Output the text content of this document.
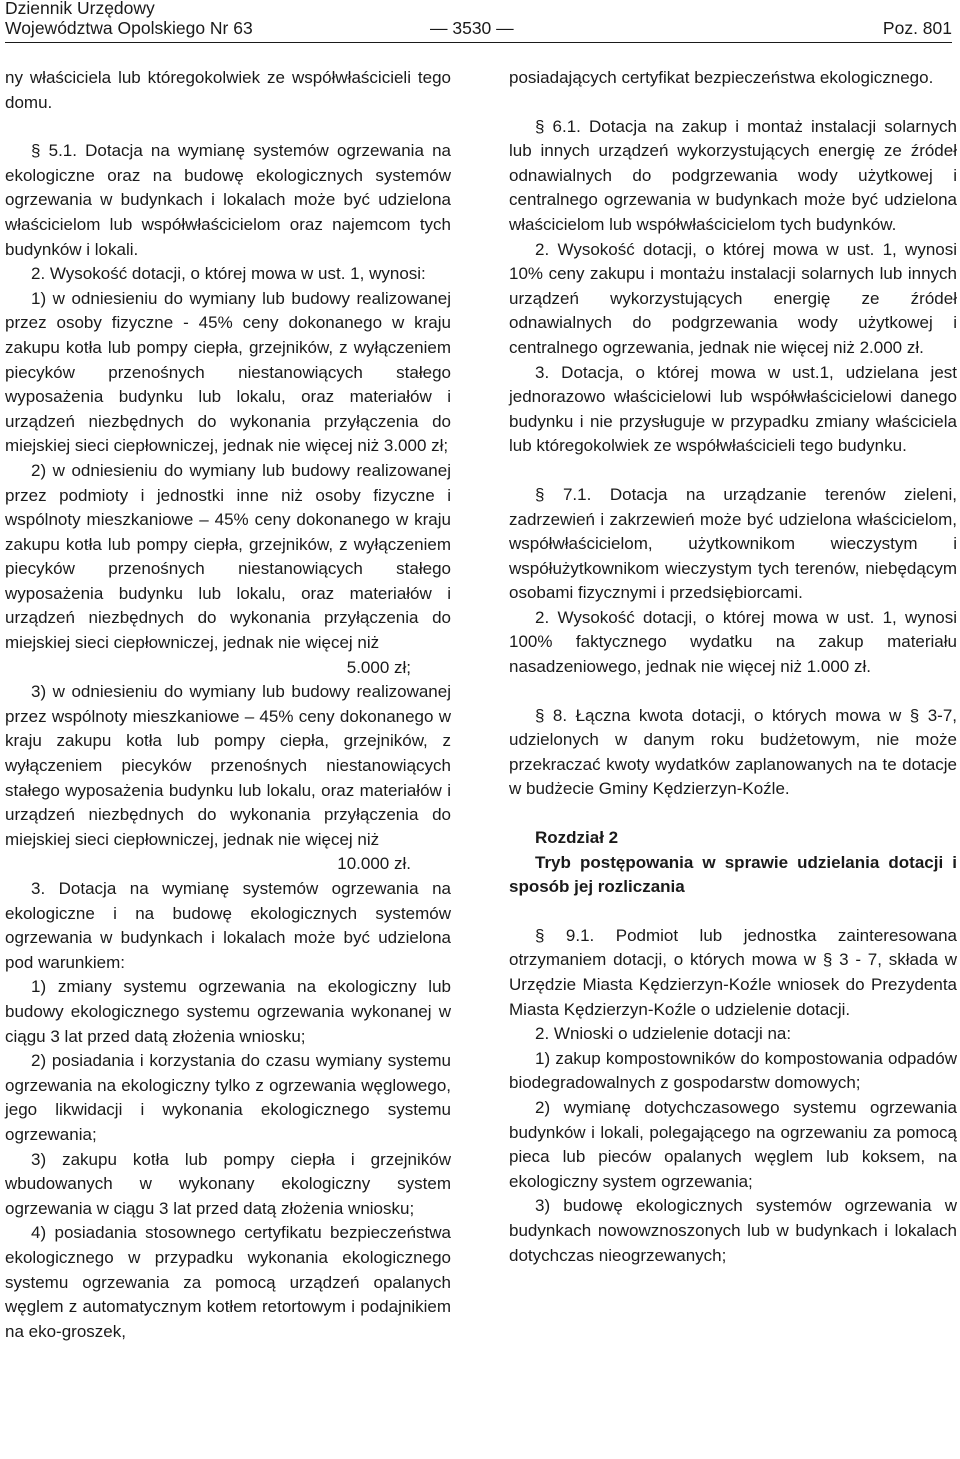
Dziennik Urzędowy
Województwa Opolskiego Nr 63	— 3530 —	Poz. 801

ny właściciela lub któregokolwiek ze współwłaścicieli tego domu.

§ 5.1. Dotacja na wymianę systemów ogrzewania na ekologiczne oraz na budowę ekologicznych systemów ogrzewania w budynkach i lokalach może być udzielona właścicielom lub współwłaścicielom oraz najemcom tych budynków i lokali.

2. Wysokość dotacji, o której mowa w ust. 1, wynosi:

1) w odniesieniu do wymiany lub budowy realizowanej przez osoby fizyczne - 45% ceny dokonanego w kraju zakupu kotła lub pompy ciepła, grzejników, z wyłączeniem piecyków przenośnych niestanowiących stałego wyposażenia budynku lub lokalu, oraz materiałów i urządzeń niezbędnych do wykonania przyłączenia do miejskiej sieci ciepłowniczej, jednak nie więcej niż 3.000 zł;

2) w odniesieniu do wymiany lub budowy realizowanej przez podmioty i jednostki inne niż osoby fizyczne i wspólnoty mieszkaniowe – 45% ceny dokonanego w kraju zakupu kotła lub pompy ciepła, grzejników, z wyłączeniem piecyków przenośnych niestanowiących stałego wyposażenia budynku lub lokalu, oraz materiałów i urządzeń niezbędnych do wykonania przyłączenia do miejskiej sieci ciepłowniczej, jednak nie więcej niż

5.000 zł;

3) w odniesieniu do wymiany lub budowy realizowanej przez wspólnoty mieszkaniowe – 45% ceny dokonanego w kraju zakupu kotła lub pompy ciepła, grzejników, z wyłączeniem piecyków przenośnych niestanowiących stałego wyposażenia budynku lub lokalu, oraz materiałów i urządzeń niezbędnych do wykonania przyłączenia do miejskiej sieci ciepłowniczej, jednak nie więcej niż

10.000 zł.

3. Dotacja na wymianę systemów ogrzewania na ekologiczne i na budowę ekologicznych systemów ogrzewania w budynkach i lokalach może być udzielona pod warunkiem:

1) zmiany systemu ogrzewania na ekologiczny lub budowy ekologicznego systemu ogrzewania wykonanej w ciągu 3 lat przed datą złożenia wniosku;

2) posiadania i korzystania do czasu wymiany systemu ogrzewania na ekologiczny tylko z ogrzewania węglowego, jego likwidacji i wykonania ekologicznego systemu ogrzewania;

3) zakupu kotła lub pompy ciepła i grzejników wbudowanych w wykonany ekologiczny system ogrzewania w ciągu 3 lat przed datą złożenia wniosku;

4) posiadania stosownego certyfikatu bezpieczeństwa ekologicznego w przypadku wykonania ekologicznego systemu ogrzewania za pomocą urządzeń opalanych węglem z automatycznym kotłem retortowym i podajnikiem na eko-groszek,

posiadających certyfikat bezpieczeństwa ekologicznego.

§ 6.1. Dotacja na zakup i montaż instalacji solarnych lub innych urządzeń wykorzystujących energię ze źródeł odnawialnych do podgrzewania wody użytkowej i centralnego ogrzewania w budynkach może być udzielona właścicielom lub współwłaścicielom tych budynków.

2. Wysokość dotacji, o której mowa w ust. 1, wynosi 10% ceny zakupu i montażu instalacji solarnych lub innych urządzeń wykorzystujących energię ze źródeł odnawialnych do podgrzewania wody użytkowej i centralnego ogrzewania, jednak nie więcej niż 2.000 zł.

3. Dotacja, o której mowa w ust.1, udzielana jest jednorazowo właścicielowi lub współwłaścicielowi danego budynku i nie przysługuje w przypadku zmiany właściciela lub któregokolwiek ze współwłaścicieli tego budynku.

§ 7.1. Dotacja na urządzanie terenów zieleni, zadrzewień i zakrzewień może być udzielona właścicielom, współwłaścicielom, użytkownikom wieczystym i współużytkownikom wieczystym tych terenów, niebędącym osobami fizycznymi i przedsiębiorcami.

2. Wysokość dotacji, o której mowa w ust. 1, wynosi 100% faktycznego wydatku na zakup materiału nasadzeniowego, jednak nie więcej niż 1.000 zł.

§ 8. Łączna kwota dotacji, o których mowa w § 3-7, udzielonych w danym roku budżetowym, nie może przekraczać kwoty wydatków zaplanowanych na te dotacje w budżecie Gminy Kędzierzyn-Koźle.

Rozdział 2

Tryb postępowania w sprawie udzielania dotacji i sposób jej rozliczania

§ 9.1. Podmiot lub jednostka zainteresowana otrzymaniem dotacji, o których mowa w § 3 - 7, składa w Urzędzie Miasta Kędzierzyn-Koźle wniosek do Prezydenta Miasta Kędzierzyn-Koźle o udzielenie dotacji.

2. Wnioski o udzielenie dotacji na:

1) zakup kompostowników do kompostowania odpadów biodegradowalnych z gospodarstw domowych;

2) wymianę dotychczasowego systemu ogrzewania budynków i lokali, polegającego na ogrzewaniu za pomocą pieca lub pieców opalanych węglem lub koksem, na ekologiczny system ogrzewania;

3) budowę ekologicznych systemów ogrzewania w budynkach nowowznoszonych lub w budynkach i lokalach dotychczas nieogrzewanych;
